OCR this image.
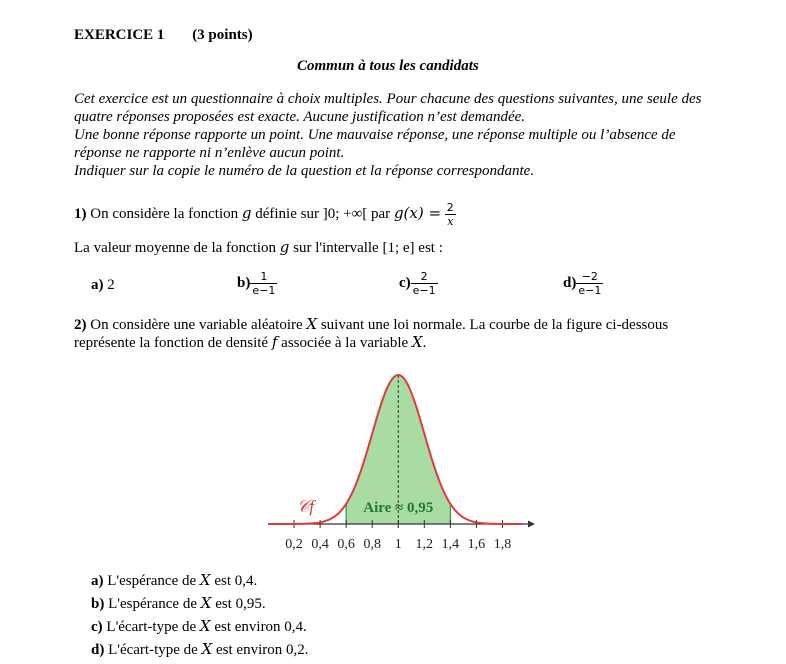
EXERCICE 1 (3 points)
Commun à tous les candidats

Cet exercice est un questionnaire à choix multiples. Pour chacune des questions suivantes, une seule des quatre réponses proposées est exacte. Aucune justification n’est demandée.

Une bonne réponse rapporte un point. Une mauvaise réponse, une réponse multiple ou l’absence de réponse ne rapporte ni n’enlève aucun point.

Indiquer sur la copie le numéro de la question et la réponse correspondante.

1) On considère la fonction g définie sur ]0; +∞[ par $g(x) = \frac{2}{x}$
La valeur moyenne de la fonction g sur l'intervalle [1; e] est :
a) 2	$b) \frac{1}{e-1}$	$c) \frac{2}{e-1}$	$d) \frac{-2}{e-1}$
2) On considère une variable aléatoire X suivant une loi normale. La courbe de la figure ci-dessous
représente la fonction de densité f associée à la variable X.
0,2 0,4 0,6 0,8 1 1,2 1,4 1,6 1,8
𝒞f	Aire ≈ 0,95
a) L'espérance de X est 0,4.
b) L'espérance de X est 0,95.
c) L'écart-type de X est environ 0,4.
d) L'écart-type de X est environ 0,2.
